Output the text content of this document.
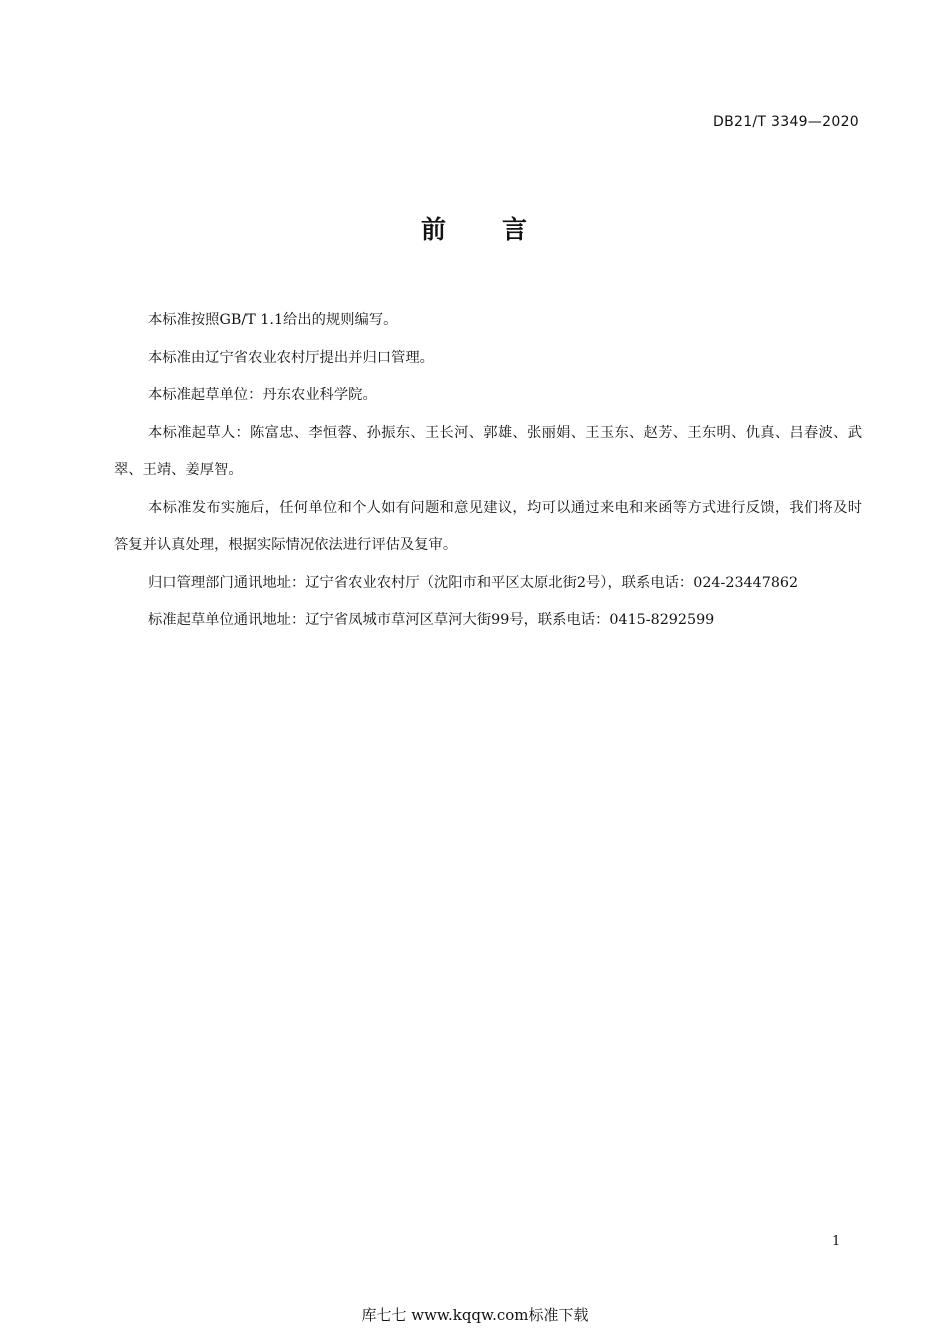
DB21/T 3349—2020
前 言

本标准按照GB/T 1.1给出的规则编写。

本标准由辽宁省农业农村厅提出并归口管理。

本标准起草单位：丹东农业科学院。

本标准起草人：陈富忠、李恒蓉、孙振东、王长河、郭雄、张丽娟、王玉东、赵芳、王东明、仇真、吕春波、武翠、王靖、姜厚智。

本标准发布实施后，任何单位和个人如有问题和意见建议，均可以通过来电和来函等方式进行反馈，我们将及时答复并认真处理，根据实际情况依法进行评估及复审。

归口管理部门通讯地址：辽宁省农业农村厅（沈阳市和平区太原北街2号），联系电话：024-23447862

标准起草单位通讯地址：辽宁省凤城市草河区草河大街99号，联系电话：0415-8292599

1
库七七 www.kqqw.com标准下载
